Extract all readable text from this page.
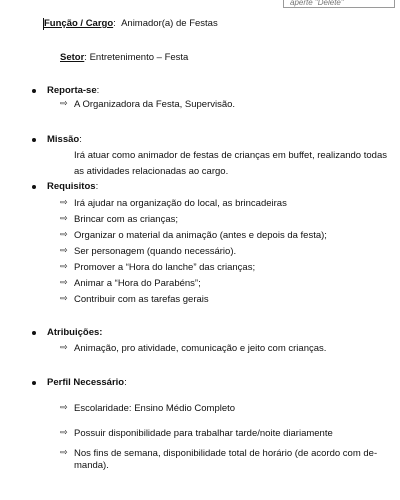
aperte "Delete"
Função / Cargo:  Animador(a) de Festas
Setor: Entretenimento – Festa
Reporta-se:
⇨ A Organizadora da Festa, Supervisão.
Missão:
Irá atuar como animador de festas de crianças em buffet, realizando todas
as atividades relacionadas ao cargo.
Requisitos:
⇨ Irá ajudar na organização do local, as brincadeiras
⇨ Brincar com as crianças;
⇨ Organizar o material da animação (antes e depois da festa);
⇨ Ser personagem (quando necessário).
⇨ Promover a “Hora do lanche” das crianças;
⇨ Animar a “Hora do Parabéns”;
⇨ Contribuir com as tarefas gerais
Atribuições:
⇨ Animação, pro atividade, comunicação e jeito com crianças.
Perfil Necessário:
⇨ Escolaridade: Ensino Médio Completo
⇨ Possuir disponibilidade para trabalhar tarde/noite diariamente
⇨ Nos fins de semana, disponibilidade total de horário (de acordo com de-
manda).
